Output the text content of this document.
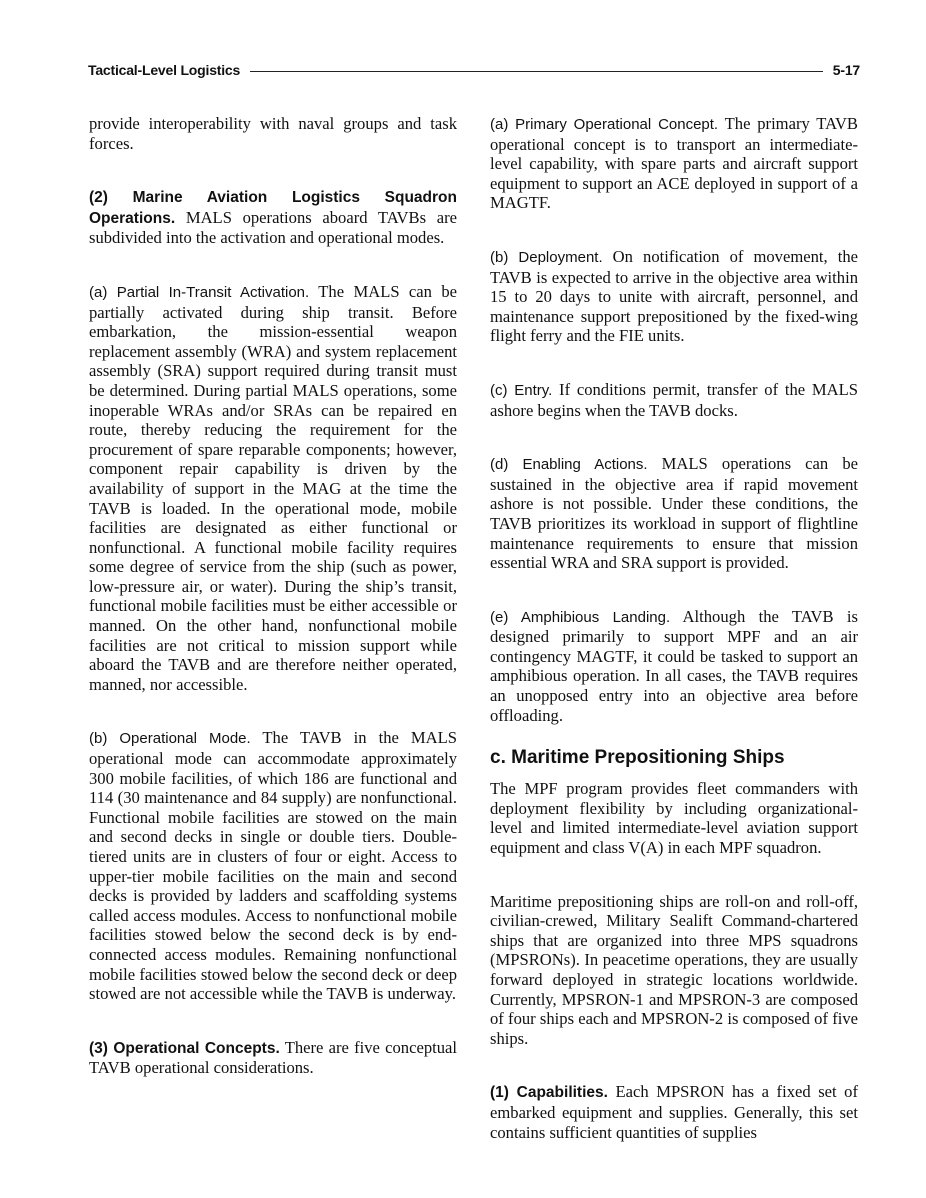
Tactical-Level Logistics	5-17

provide interoperability with naval groups and task forces.

(2) Marine Aviation Logistics Squadron Operations. MALS operations aboard TAVBs are subdivided into the activation and operational modes.

(a) Partial In-Transit Activation. The MALS can be partially activated during ship transit. Before embarkation, the mission-essential weapon replacement assembly (WRA) and system replacement assembly (SRA) support required during transit must be determined. During partial MALS operations, some inoperable WRAs and/or SRAs can be repaired en route, thereby reducing the requirement for the procurement of spare reparable components; however, component repair capability is driven by the availability of support in the MAG at the time the TAVB is loaded. In the operational mode, mobile facilities are designated as either functional or nonfunctional. A functional mobile facility requires some degree of service from the ship (such as power, low-pressure air, or water). During the ship’s transit, functional mobile facilities must be either accessible or manned. On the other hand, nonfunctional mobile facilities are not critical to mission support while aboard the TAVB and are therefore neither operated, manned, nor accessible.

(b) Operational Mode. The TAVB in the MALS operational mode can accommodate approximately 300 mobile facilities, of which 186 are functional and 114 (30 maintenance and 84 supply) are nonfunctional. Functional mobile facilities are stowed on the main and second decks in single or double tiers. Double-tiered units are in clusters of four or eight. Access to upper-tier mobile facilities on the main and second decks is provided by ladders and scaffolding systems called access modules. Access to nonfunctional mobile facilities stowed below the second deck is by end-connected access modules. Remaining nonfunctional mobile facilities stowed below the second deck or deep stowed are not accessible while the TAVB is underway.

(3) Operational Concepts. There are five conceptual TAVB operational considerations.

(a) Primary Operational Concept. The primary TAVB operational concept is to transport an intermediate-level capability, with spare parts and aircraft support equipment to support an ACE deployed in support of a MAGTF.

(b) Deployment. On notification of movement, the TAVB is expected to arrive in the objective area within 15 to 20 days to unite with aircraft, personnel, and maintenance support prepositioned by the fixed-wing flight ferry and the FIE units.

(c) Entry. If conditions permit, transfer of the MALS ashore begins when the TAVB docks.

(d) Enabling Actions. MALS operations can be sustained in the objective area if rapid movement ashore is not possible. Under these conditions, the TAVB prioritizes its workload in support of flightline maintenance requirements to ensure that mission essential WRA and SRA support is provided.

(e) Amphibious Landing. Although the TAVB is designed primarily to support MPF and an air contingency MAGTF, it could be tasked to support an amphibious operation. In all cases, the TAVB requires an unopposed entry into an objective area before offloading.

c. Maritime Prepositioning Ships

The MPF program provides fleet commanders with deployment flexibility by including organizational-level and limited intermediate-level aviation support equipment and class V(A) in each MPF squadron.

Maritime prepositioning ships are roll-on and roll-off, civilian-crewed, Military Sealift Command-chartered ships that are organized into three MPS squadrons (MPSRONs). In peacetime operations, they are usually forward deployed in strategic locations worldwide. Currently, MPSRON-1 and MPSRON-3 are composed of four ships each and MPSRON-2 is composed of five ships.

(1) Capabilities. Each MPSRON has a fixed set of embarked equipment and supplies. Generally, this set contains sufficient quantities of supplies
